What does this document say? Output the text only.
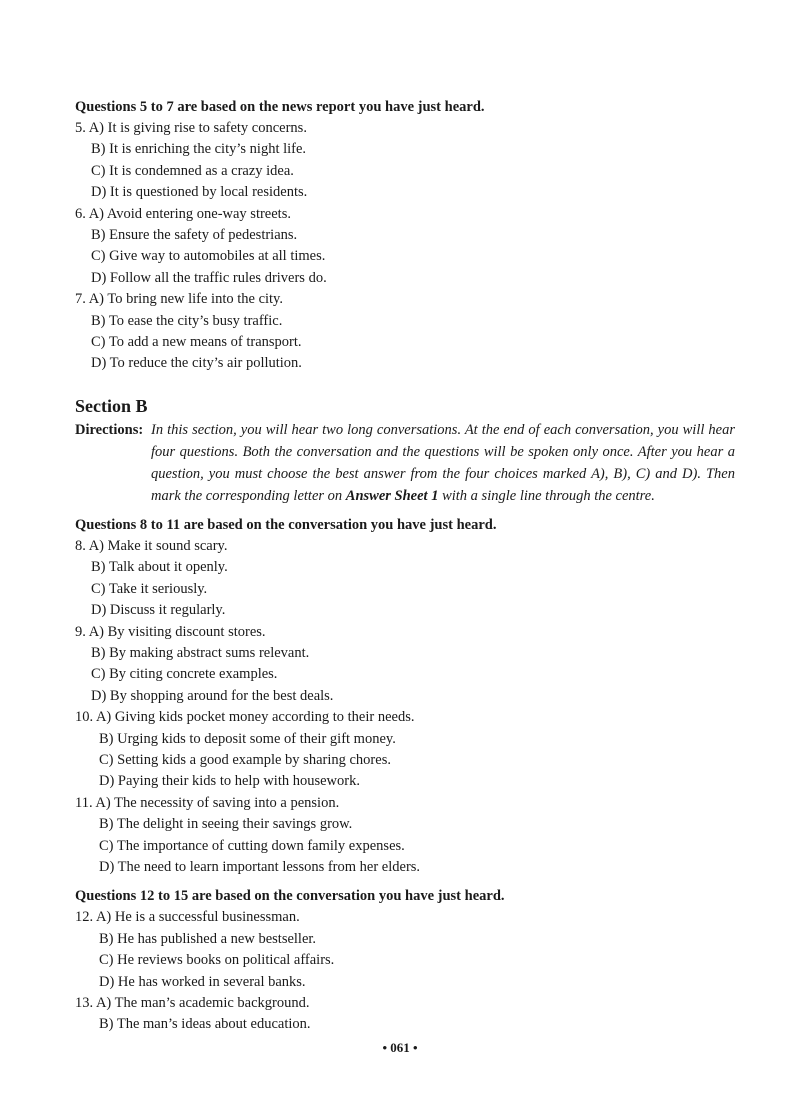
Questions 5 to 7 are based on the news report you have just heard.

5. A) It is giving rise to safety concerns.
B) It is enriching the city’s night life.
C) It is condemned as a crazy idea.
D) It is questioned by local residents.
6. A) Avoid entering one-way streets.
B) Ensure the safety of pedestrians.
C) Give way to automobiles at all times.
D) Follow all the traffic rules drivers do.
7. A) To bring new life into the city.
B) To ease the city’s busy traffic.
C) To add a new means of transport.
D) To reduce the city’s air pollution.
Section B
Directions: In this section, you will hear two long conversations. At the end of each conversation, you will hear four questions. Both the conversation and the questions will be spoken only once. After you hear a question, you must choose the best answer from the four choices marked A), B), C) and D). Then mark the corresponding letter on Answer Sheet 1 with a single line through the centre.

Questions 8 to 11 are based on the conversation you have just heard.

8. A) Make it sound scary.
B) Talk about it openly.
C) Take it seriously.
D) Discuss it regularly.
9. A) By visiting discount stores.
B) By making abstract sums relevant.
C) By citing concrete examples.
D) By shopping around for the best deals.
10. A) Giving kids pocket money according to their needs.
B) Urging kids to deposit some of their gift money.
C) Setting kids a good example by sharing chores.
D) Paying their kids to help with housework.
11. A) The necessity of saving into a pension.
B) The delight in seeing their savings grow.
C) The importance of cutting down family expenses.
D) The need to learn important lessons from her elders.

Questions 12 to 15 are based on the conversation you have just heard.

12. A) He is a successful businessman.
B) He has published a new bestseller.
C) He reviews books on political affairs.
D) He has worked in several banks.
13. A) The man’s academic background.
B) The man’s ideas about education.
• 061 •
